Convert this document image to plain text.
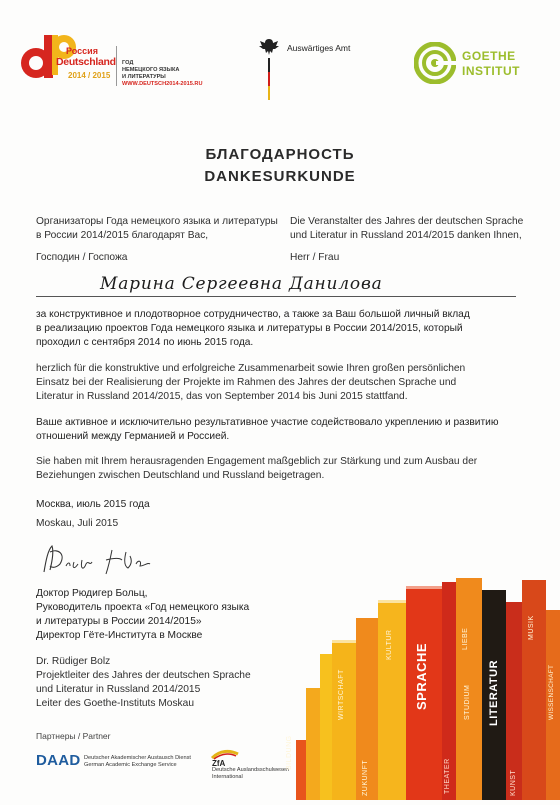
Россия
Deutschland
2014 / 2015
ГОД
НЕМЕЦКОГО ЯЗЫКА
И ЛИТЕРАТУРЫ
WWW.DEUTSCH2014-2015.RU
Auswärtiges Amt
GOETHE
INSTITUT
БЛАГОДАРНОСТЬ
DANKESURKUNDE
Организаторы Года немецкого языка и литературы
в России 2014/2015 благодарят Вас,
Die Veranstalter des Jahres der deutschen Sprache
und Literatur in Russland 2014/2015 danken Ihnen,
Господин / Госпожа	Herr / Frau
Марина Сергеевна Данилова
за конструктивное и плодотворное сотрудничество, а также за Ваш большой личный вклад
в реализацию проектов Года немецкого языка и литературы в России 2014/2015, который
проходил с сентября 2014 по июнь 2015 года.
herzlich für die konstruktive und erfolgreiche Zusammenarbeit sowie Ihren großen persönlichen
Einsatz bei der Realisierung der Projekte im Rahmen des Jahres der deutschen Sprache und
Literatur in Russland 2014/2015, das von September 2014 bis Juni 2015 stattfand.
Ваше активное и исключительно результативное участие содействовало укреплению и развитию
отношений между Германией и Россией.
Sie haben mit Ihrem herausragenden Engagement maßgeblich zur Stärkung und zum Ausbau der
Beziehungen zwischen Deutschland und Russland beigetragen.
Москва, июль 2015 года
Moskau, Juli 2015
Доктор Рюдигер Больц,
Руководитель проекта «Год немецкого языка
и литературы в России 2014/2015»
Директор Гёте-Института в Москве
Dr. Rüdiger Bolz
Projektleiter des Jahres der deutschen Sprache
und Literatur in Russland 2014/2015
Leiter des Goethe-Instituts Moskau
Партнеры / Partner
DAAD Deutscher Akademischer Austausch Dienst
German Academic Exchange Service	ZfA
Deutsche Auslandsschulwesen
International
BILDUNG
WIRTSCHAFT
ZUKUNFT
KULTUR SPRACHE
THEATER
LIEBE
STUDIUM LITERATUR
KUNST
MUSIK
WISSENSCHAFT
